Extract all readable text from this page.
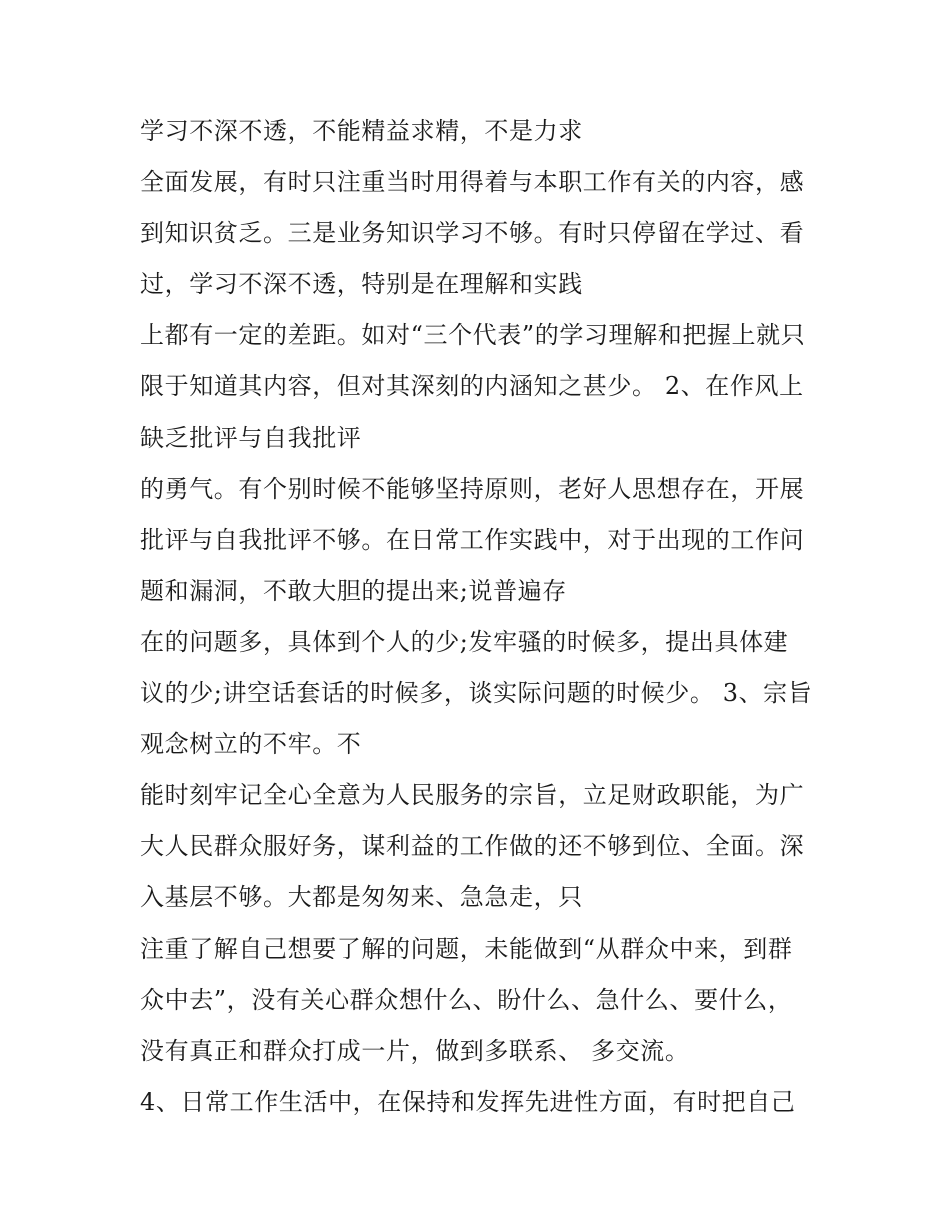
学习不深不透，不能精益求精，不是力求
全面发展，有时只注重当时用得着与本职工作有关的内容，感
到知识贫乏。三是业务知识学习不够。有时只停留在学过、看
过，学习不深不透，特别是在理解和实践
上都有一定的差距。如对“三个代表”的学习理解和把握上就只
限于知道其内容，但对其深刻的内涵知之甚少。 2、在作风上
缺乏批评与自我批评
的勇气。有个别时候不能够坚持原则，老好人思想存在，开展
批评与自我批评不够。在日常工作实践中，对于出现的工作问
题和漏洞，不敢大胆的提出来;说普遍存
在的问题多，具体到个人的少;发牢骚的时候多，提出具体建
议的少;讲空话套话的时候多，谈实际问题的时候少。 3、宗旨
观念树立的不牢。不
能时刻牢记全心全意为人民服务的宗旨，立足财政职能，为广
大人民群众服好务，谋利益的工作做的还不够到位、全面。深
入基层不够。大都是匆匆来、急急走，只
注重了解自己想要了解的问题，未能做到“从群众中来，到群
众中去”，没有关心群众想什么、盼什么、急什么、要什么，
没有真正和群众打成一片，做到多联系、 多交流。
4、日常工作生活中，在保持和发挥先进性方面，有时把自己
